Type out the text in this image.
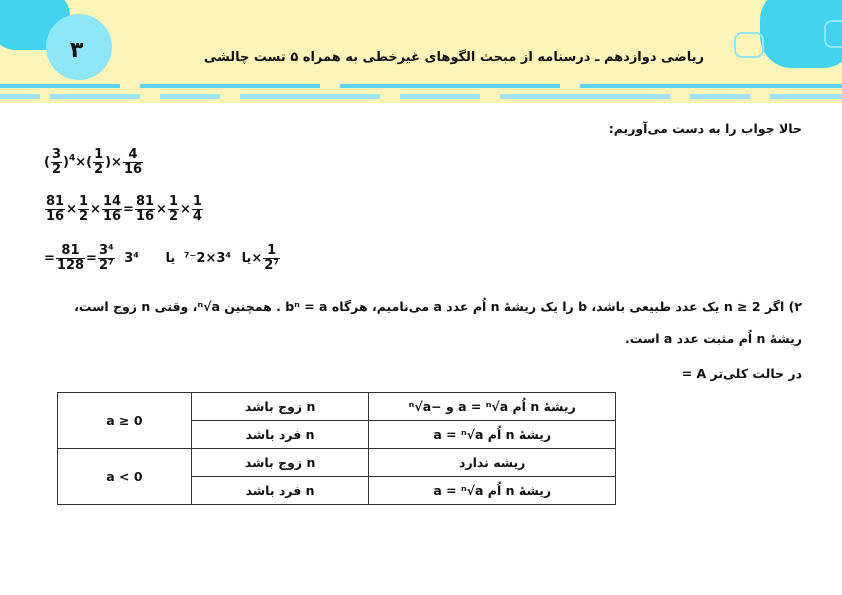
۳	ریاضی دوازدهم ـ درسنامه از مبحث الگوهای غیرخطی به همراه ۵ تست چالشی
حالا جواب را به دست می‌آوریم:
( $\frac{3}{2} )^4\times( \frac{1}{2}$ )× $\frac{4}{16}$
$\frac{81}{16} \times \frac{1}{2} \times \frac{14}{16} = \frac{81}{16} \times \frac{1}{2} \times \frac{1}{4}$
= $\frac{81}{128} = \frac{\text{3⁴}}{\text{2⁷}}$	یا 3⁴×2⁻⁷ یا $3^4\times \frac{1}{\text{2⁷}}$
۲) اگر n ≥ 2 یک عدد طبیعی باشد، b را یک ریشهٔ n اُم عدد a می‌نامیم، هرگاه bⁿ = a . همچنین ⁿ√a، وقتی n زوج است،
ریشهٔ n اُم مثبت عدد a است.
در حالت کلی‌تر A =
a ≥ 0	n زوج باشد	ریشهٔ n اُم a = ⁿ√a و −ⁿ√a
	n فرد باشد	ریشهٔ n اُم a = ⁿ√a
a < 0	n زوج باشد	ریشه ندارد
	n فرد باشد	ریشهٔ n اُم a = ⁿ√a
